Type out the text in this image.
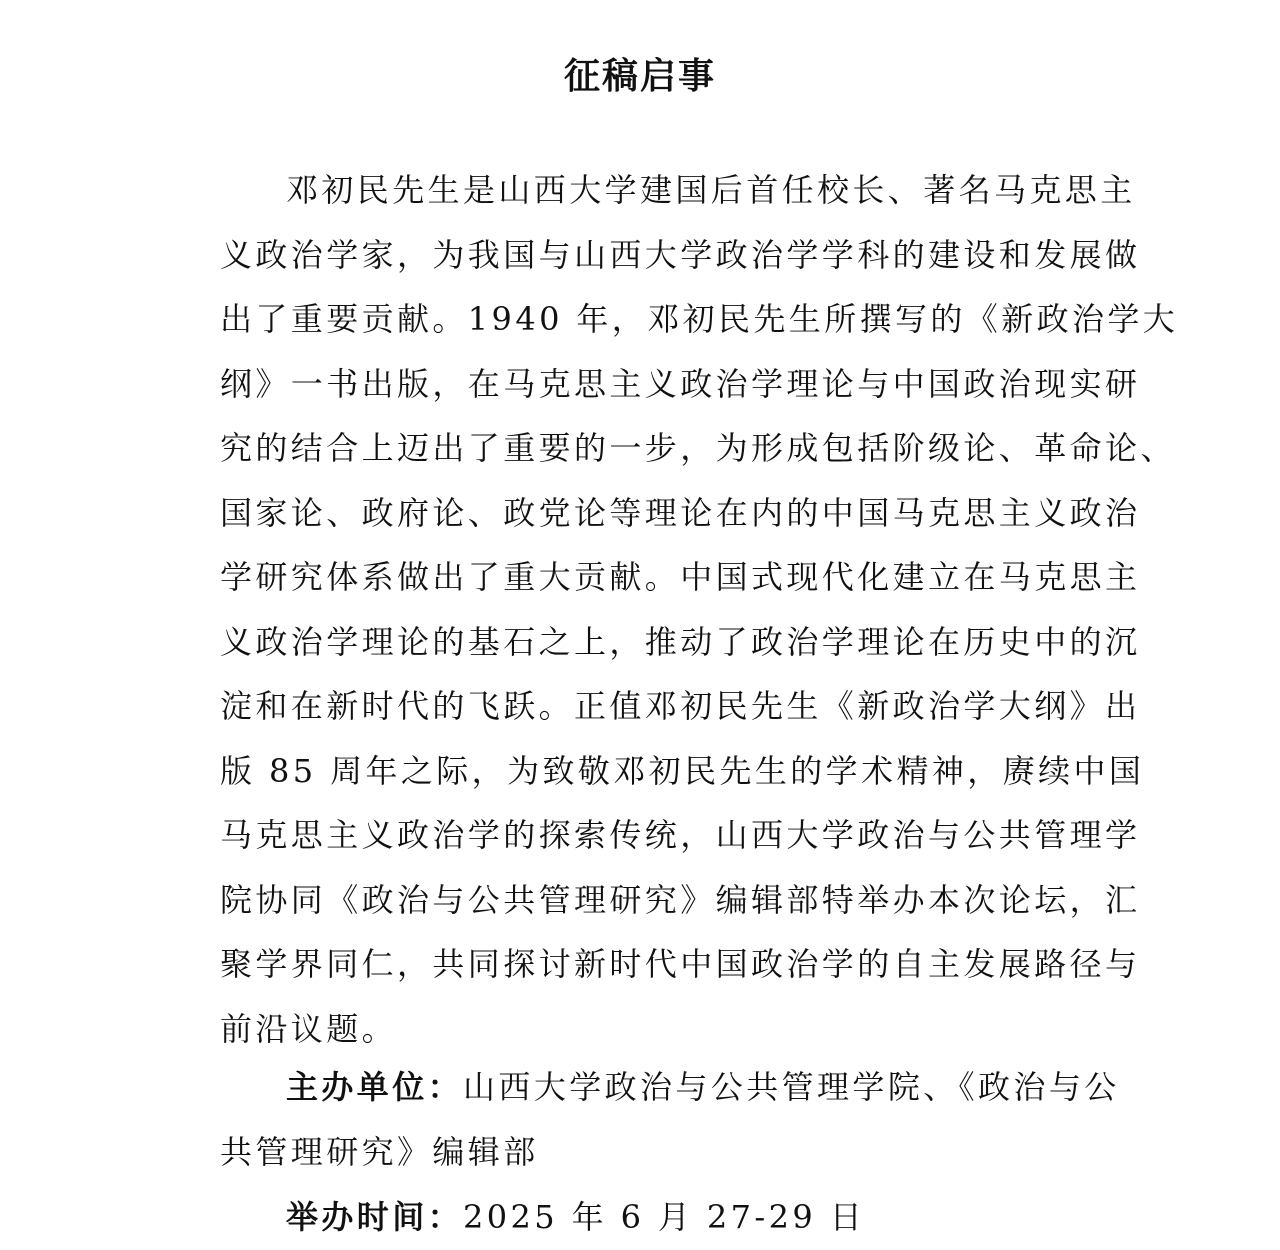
征稿启事
邓初民先生是山西大学建国后首任校长、著名马克思主
义政治学家，为我国与山西大学政治学学科的建设和发展做
出了重要贡献。1940 年，邓初民先生所撰写的《新政治学大
纲》一书出版，在马克思主义政治学理论与中国政治现实研
究的结合上迈出了重要的一步，为形成包括阶级论、革命论、
国家论、政府论、政党论等理论在内的中国马克思主义政治
学研究体系做出了重大贡献。中国式现代化建立在马克思主
义政治学理论的基石之上，推动了政治学理论在历史中的沉
淀和在新时代的飞跃。正值邓初民先生《新政治学大纲》出
版 85 周年之际，为致敬邓初民先生的学术精神，赓续中国
马克思主义政治学的探索传统，山西大学政治与公共管理学
院协同《政治与公共管理研究》编辑部特举办本次论坛，汇
聚学界同仁，共同探讨新时代中国政治学的自主发展路径与
前沿议题。
主办单位：山西大学政治与公共管理学院、《政治与公
共管理研究》编辑部
举办时间：2025 年 6 月 27-29 日
